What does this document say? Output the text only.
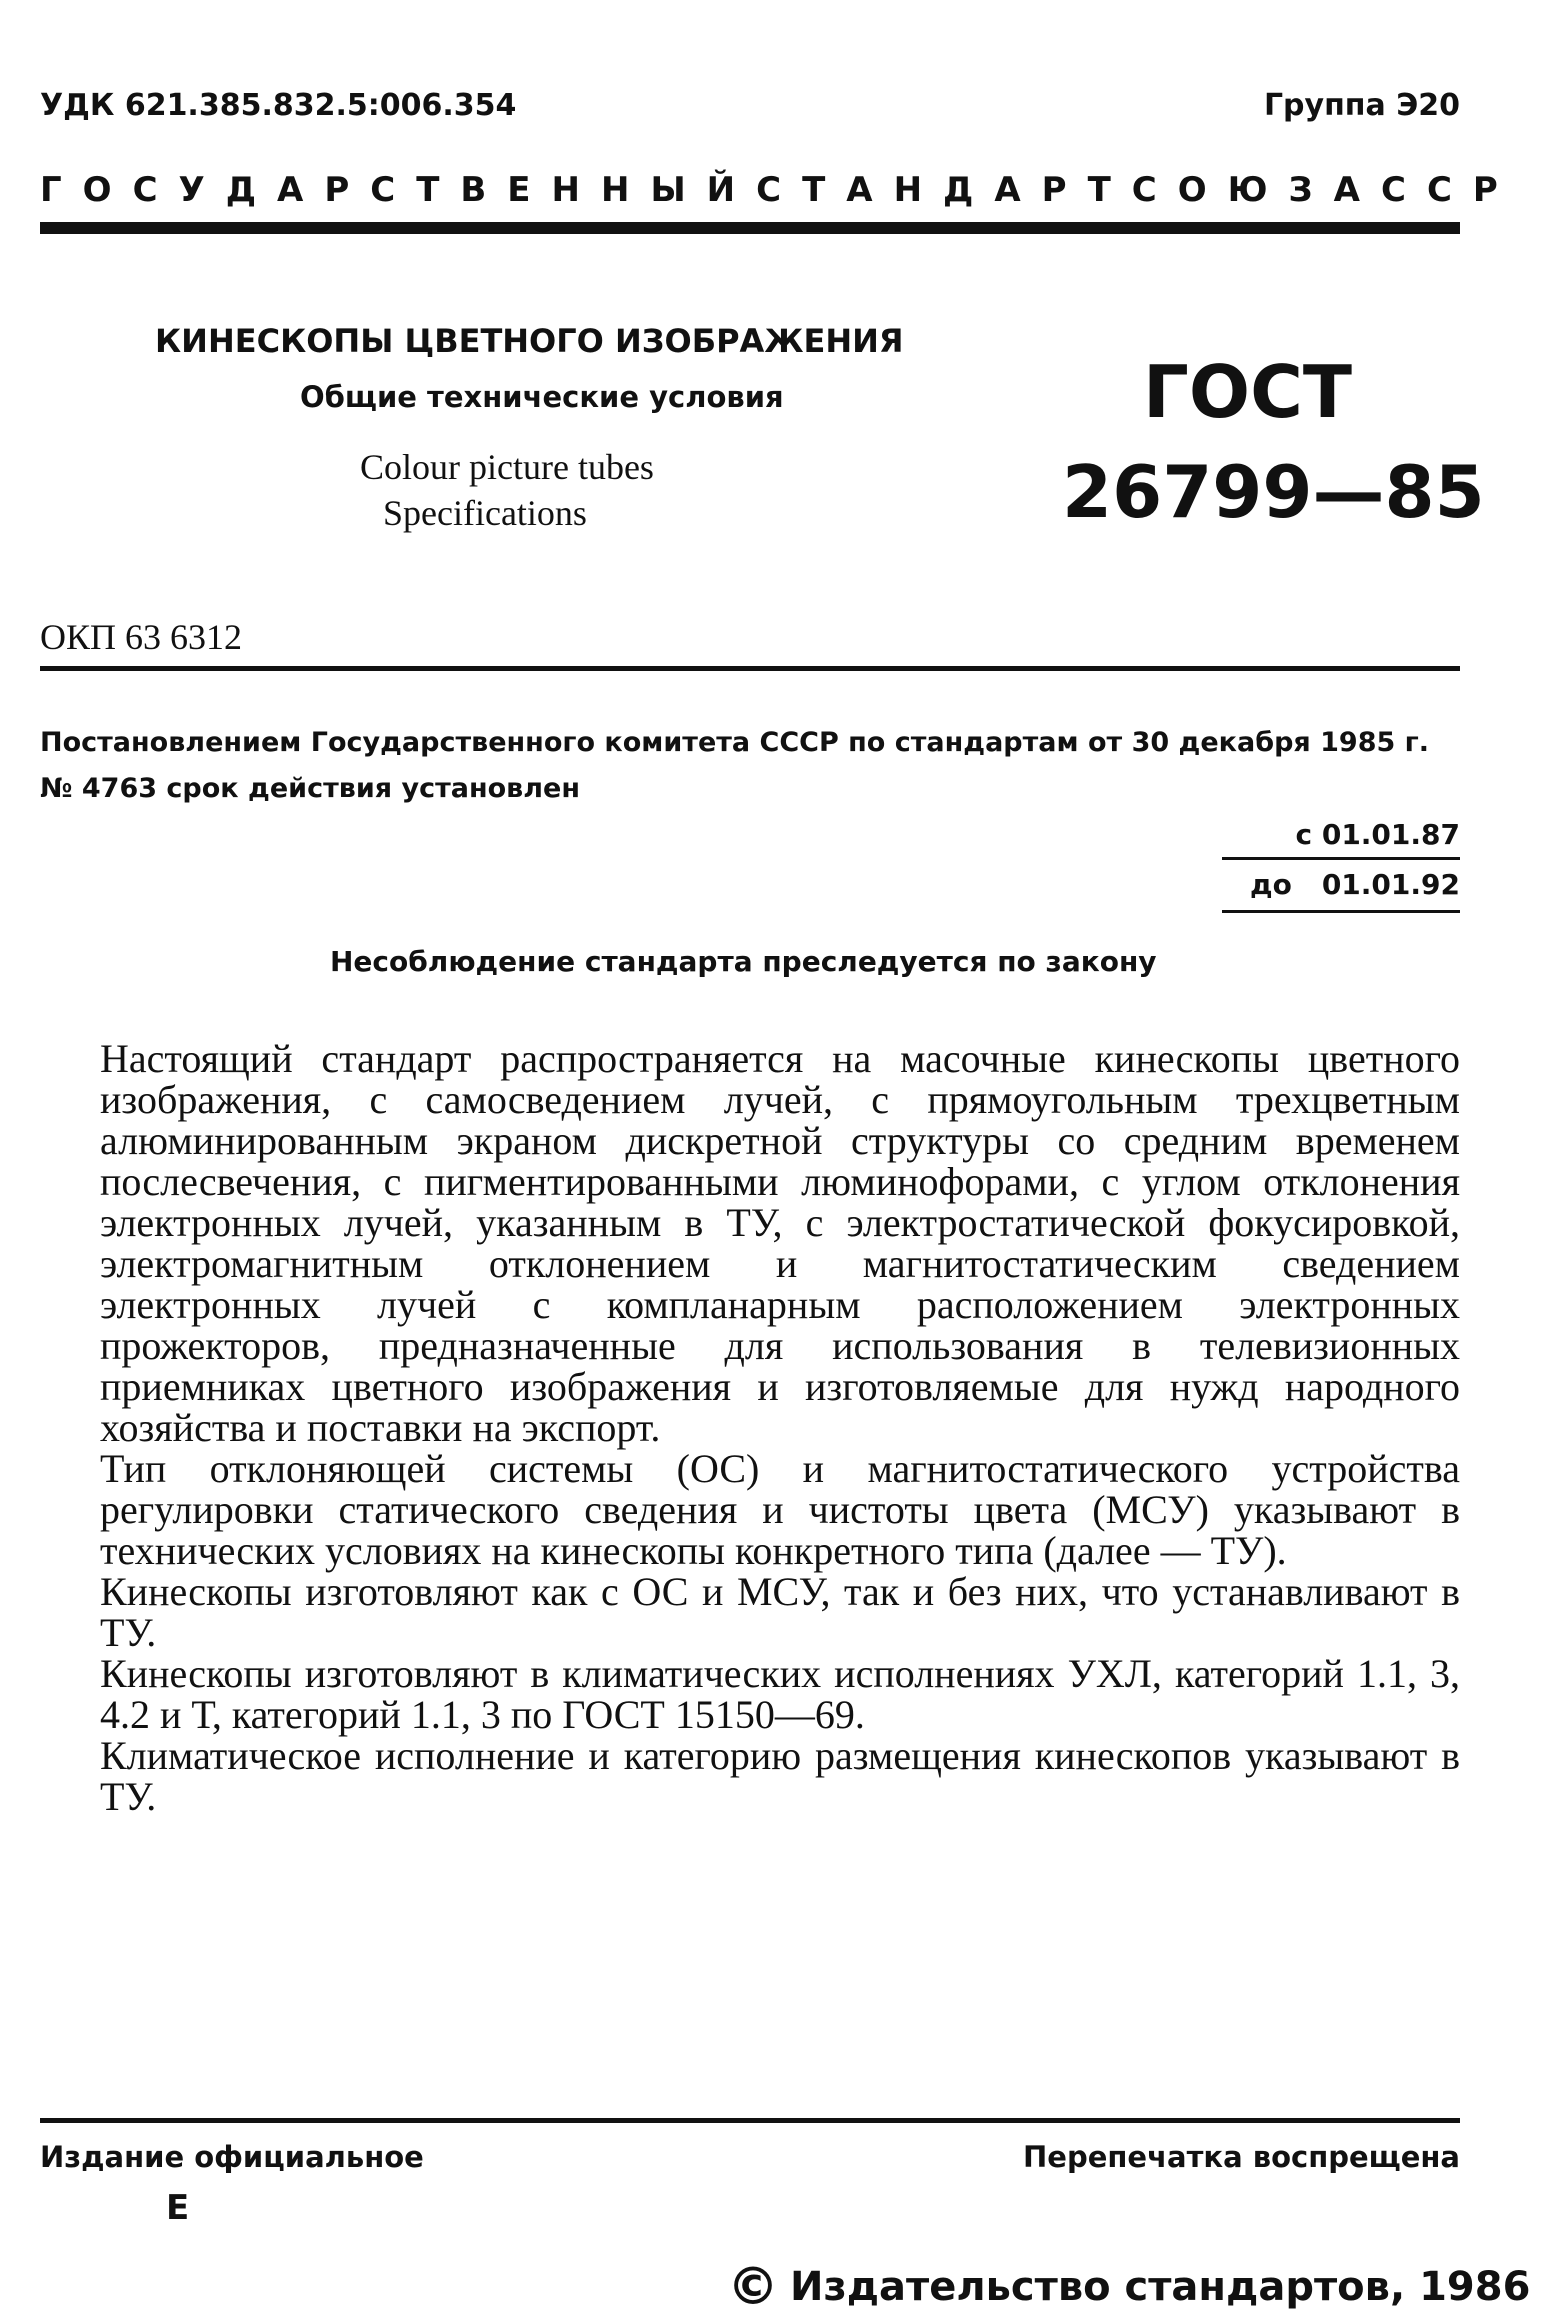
УДК 621.385.832.5:006.354	Группа Э20
ГОСУДАРСТВЕННЫЙ СТАНДАРТ СОЮЗА ССР
КИНЕСКОПЫ ЦВЕТНОГО ИЗОБРАЖЕНИЯ
Общие технические условия
Colour picture tubes
Specifications
ГОСТ
26799—85
ОКП 63 6312
Постановлением Государственного комитета СССР по стандартам от 30 декабря 1985 г. № 4763 срок действия установлен
с 01.01.87
до 01.01.92
Несоблюдение стандарта преследуется по закону

Настоящий стандарт распространяется на масочные кинескопы цветного изображения, с самосведением лучей, с прямоугольным трехцветным алюминированным экраном дискретной структуры со средним временем послесвечения, с пигментированными люминофорами, с углом отклонения электронных лучей, указанным в ТУ, с электростатической фокусировкой, электромагнитным отклонением и магнитостатическим сведением электронных лучей с компланарным расположением электронных прожекторов, предназначенные для использования в телевизионных приемниках цветного изображения и изготовляемые для нужд народного хозяйства и поставки на экспорт.

Тип отклоняющей системы (ОС) и магнитостатического устройства регулировки статического сведения и чистоты цвета (МСУ) указывают в технических условиях на кинескопы конкретного типа (далее — ТУ).

Кинескопы изготовляют как с ОС и МСУ, так и без них, что устанавливают в ТУ.

Кинескопы изготовляют в климатических исполнениях УХЛ, категорий 1.1, 3, 4.2 и Т, категорий 1.1, 3 по ГОСТ 15150—69.

Климатическое исполнение и категорию размещения кинескопов указывают в ТУ.

Издание официальное
Е
Перепечатка воспрещена
© Издательство стандартов, 1986
